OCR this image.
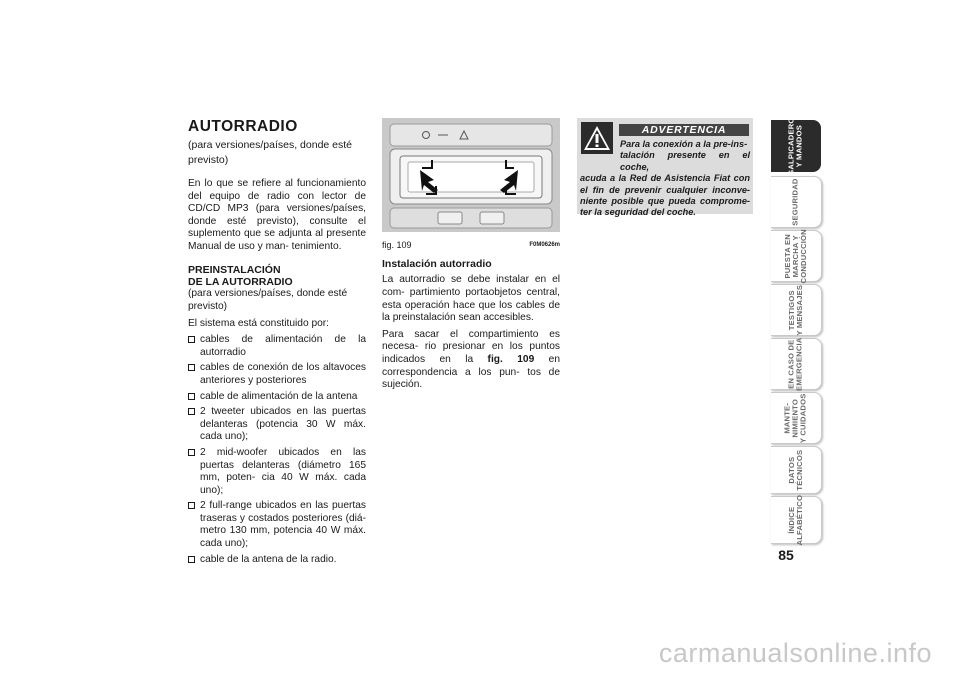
AUTORRADIO

(para versiones/países, donde esté previsto)

En lo que se refiere al funcionamiento del equipo de radio con lector de CD/CD MP3 (para versiones/países, donde esté previsto), consulte el suplemento que se adjunta al presente Manual de uso y man- tenimiento.

PREINSTALACIÓN

DE LA AUTORRADIO

(para versiones/países, donde esté previsto)

El sistema está constituido por:

cables de alimentación de la autorradio
cables de conexión de los altavoces anteriores y posteriores
cable de alimentación de la antena
2 tweeter ubicados en las puertas delanteras (potencia 30 W máx. cada uno);
2 mid-woofer ubicados en las puertas delanteras (diámetro 165 mm, poten- cia 40 W máx. cada uno);
2 full-range ubicados en las puertas traseras y costados posteriores (diá- metro 130 mm, potencia 40 W máx. cada uno);
cable de la antena de la radio.
fig. 109	F0M0626m

Instalación autorradio

La autorradio se debe instalar en el com- partimiento portaobjetos central, esta operación hace que los cables de la preinstalación sean accesibles.

Para sacar el compartimiento es necesa- rio presionar en los puntos indicados en la fig. 109 en correspondencia a los pun- tos de sujeción.

ADVERTENCIA
Para la conexión a la pre-ins-
talación presente en el coche,
acuda a la Red de Asistencia Fiat con el fin de prevenir cualquier inconve- niente posible que pueda comprome- ter la seguridad del coche.
SALPICADERO
Y MANDOS
SEGURIDAD
PUESTA EN
MARCHA Y
CONDUCCIÓN
TESTIGOS
Y MENSAJES
EN CASO DE
EMERGENCIA
MANTE-
NIMIENTO
Y CUIDADOS
DATOS
TÉCNICOS
ÍNDICE
ALFABÉTICO
85
carmanualsonline.info
